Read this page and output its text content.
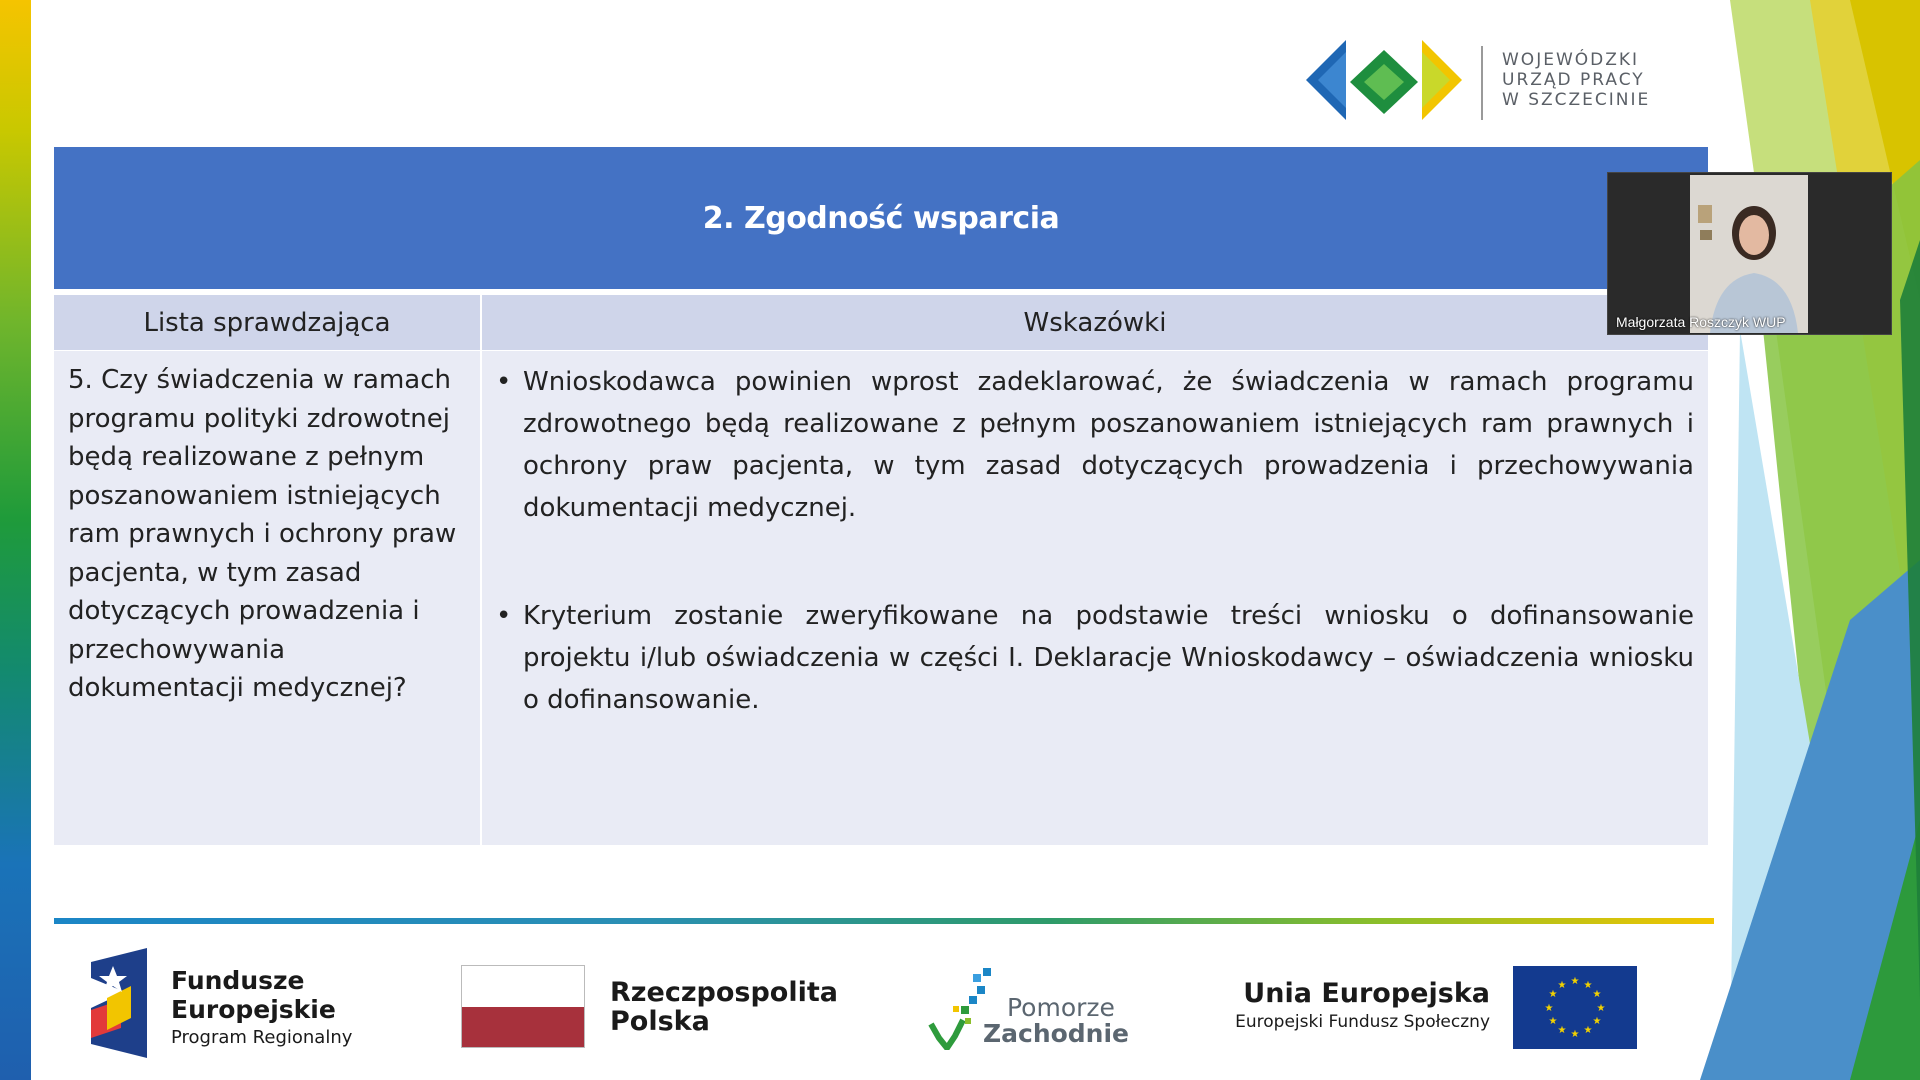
WOJEWÓDZKI
URZĄD PRACY
W SZCZECINIE
2. Zgodność wsparcia
Lista sprawdzająca	Wskazówki
5. Czy świadczenia w ramach programu polityki zdrowotnej będą realizowane z pełnym poszanowaniem istniejących ram prawnych i ochrony praw pacjenta, w tym zasad dotyczących prowadzenia i przechowywania dokumentacji medycznej?
• Wnioskodawca powinien wprost zadeklarować, że świadczenia w ramach programu zdrowotnego będą realizowane z pełnym poszanowaniem istniejących ram prawnych i ochrony praw pacjenta, w tym zasad dotyczących prowadzenia i przechowywania dokumentacji medycznej.
• Kryterium zostanie zweryfikowane na podstawie treści wniosku o dofinansowanie projektu i/lub oświadczenia w części I. Deklaracje Wnioskodawcy – oświadczenia wniosku o dofinansowanie.
Małgorzata Roszczyk WUP
Fundusze
Europejskie
Program Regionalny
Rzeczpospolita
Polska	Pomorze
Zachodnie
Unia Europejska
Europejski Fundusz Społeczny
★ ★
★
★
★
★
★
★
★
★
★
★
